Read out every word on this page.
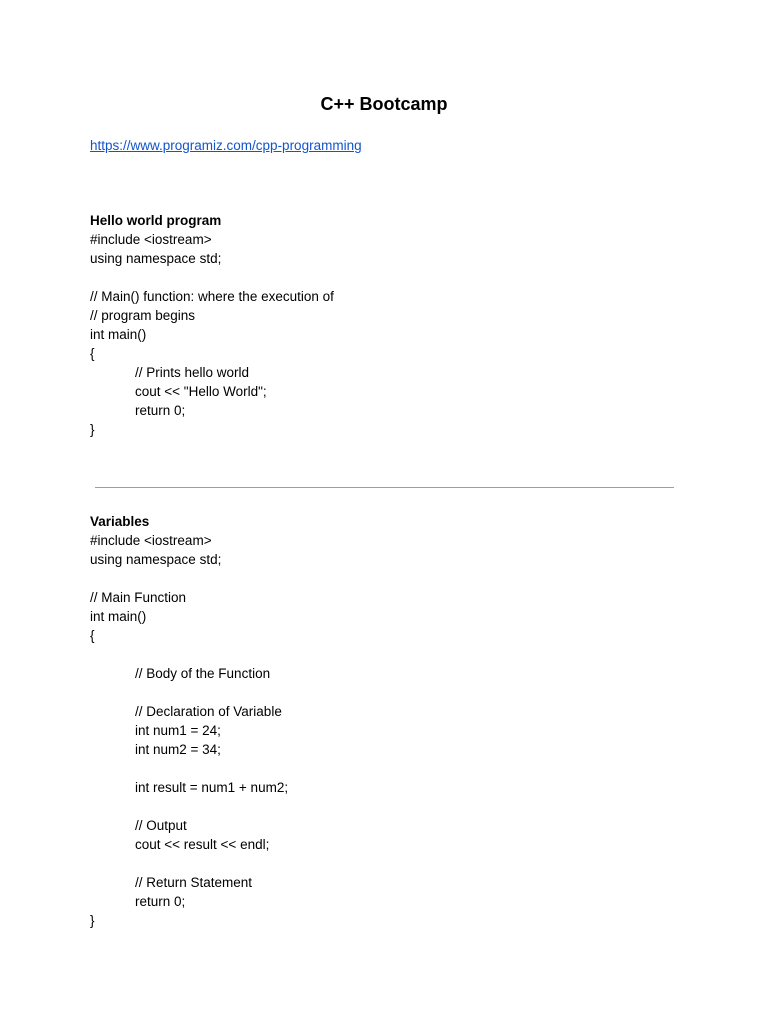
C++ Bootcamp
https://www.programiz.com/cpp-programming
Hello world program
#include <iostream>
using namespace std;
// Main() function: where the execution of
// program begins
int main()
{
// Prints hello world
cout << "Hello World";
return 0;
}
Variables
#include <iostream>
using namespace std;
// Main Function
int main()
{
// Body of the Function
// Declaration of Variable
int num1 = 24;
int num2 = 34;
int result = num1 + num2;
// Output
cout << result << endl;
// Return Statement
return 0;
}
